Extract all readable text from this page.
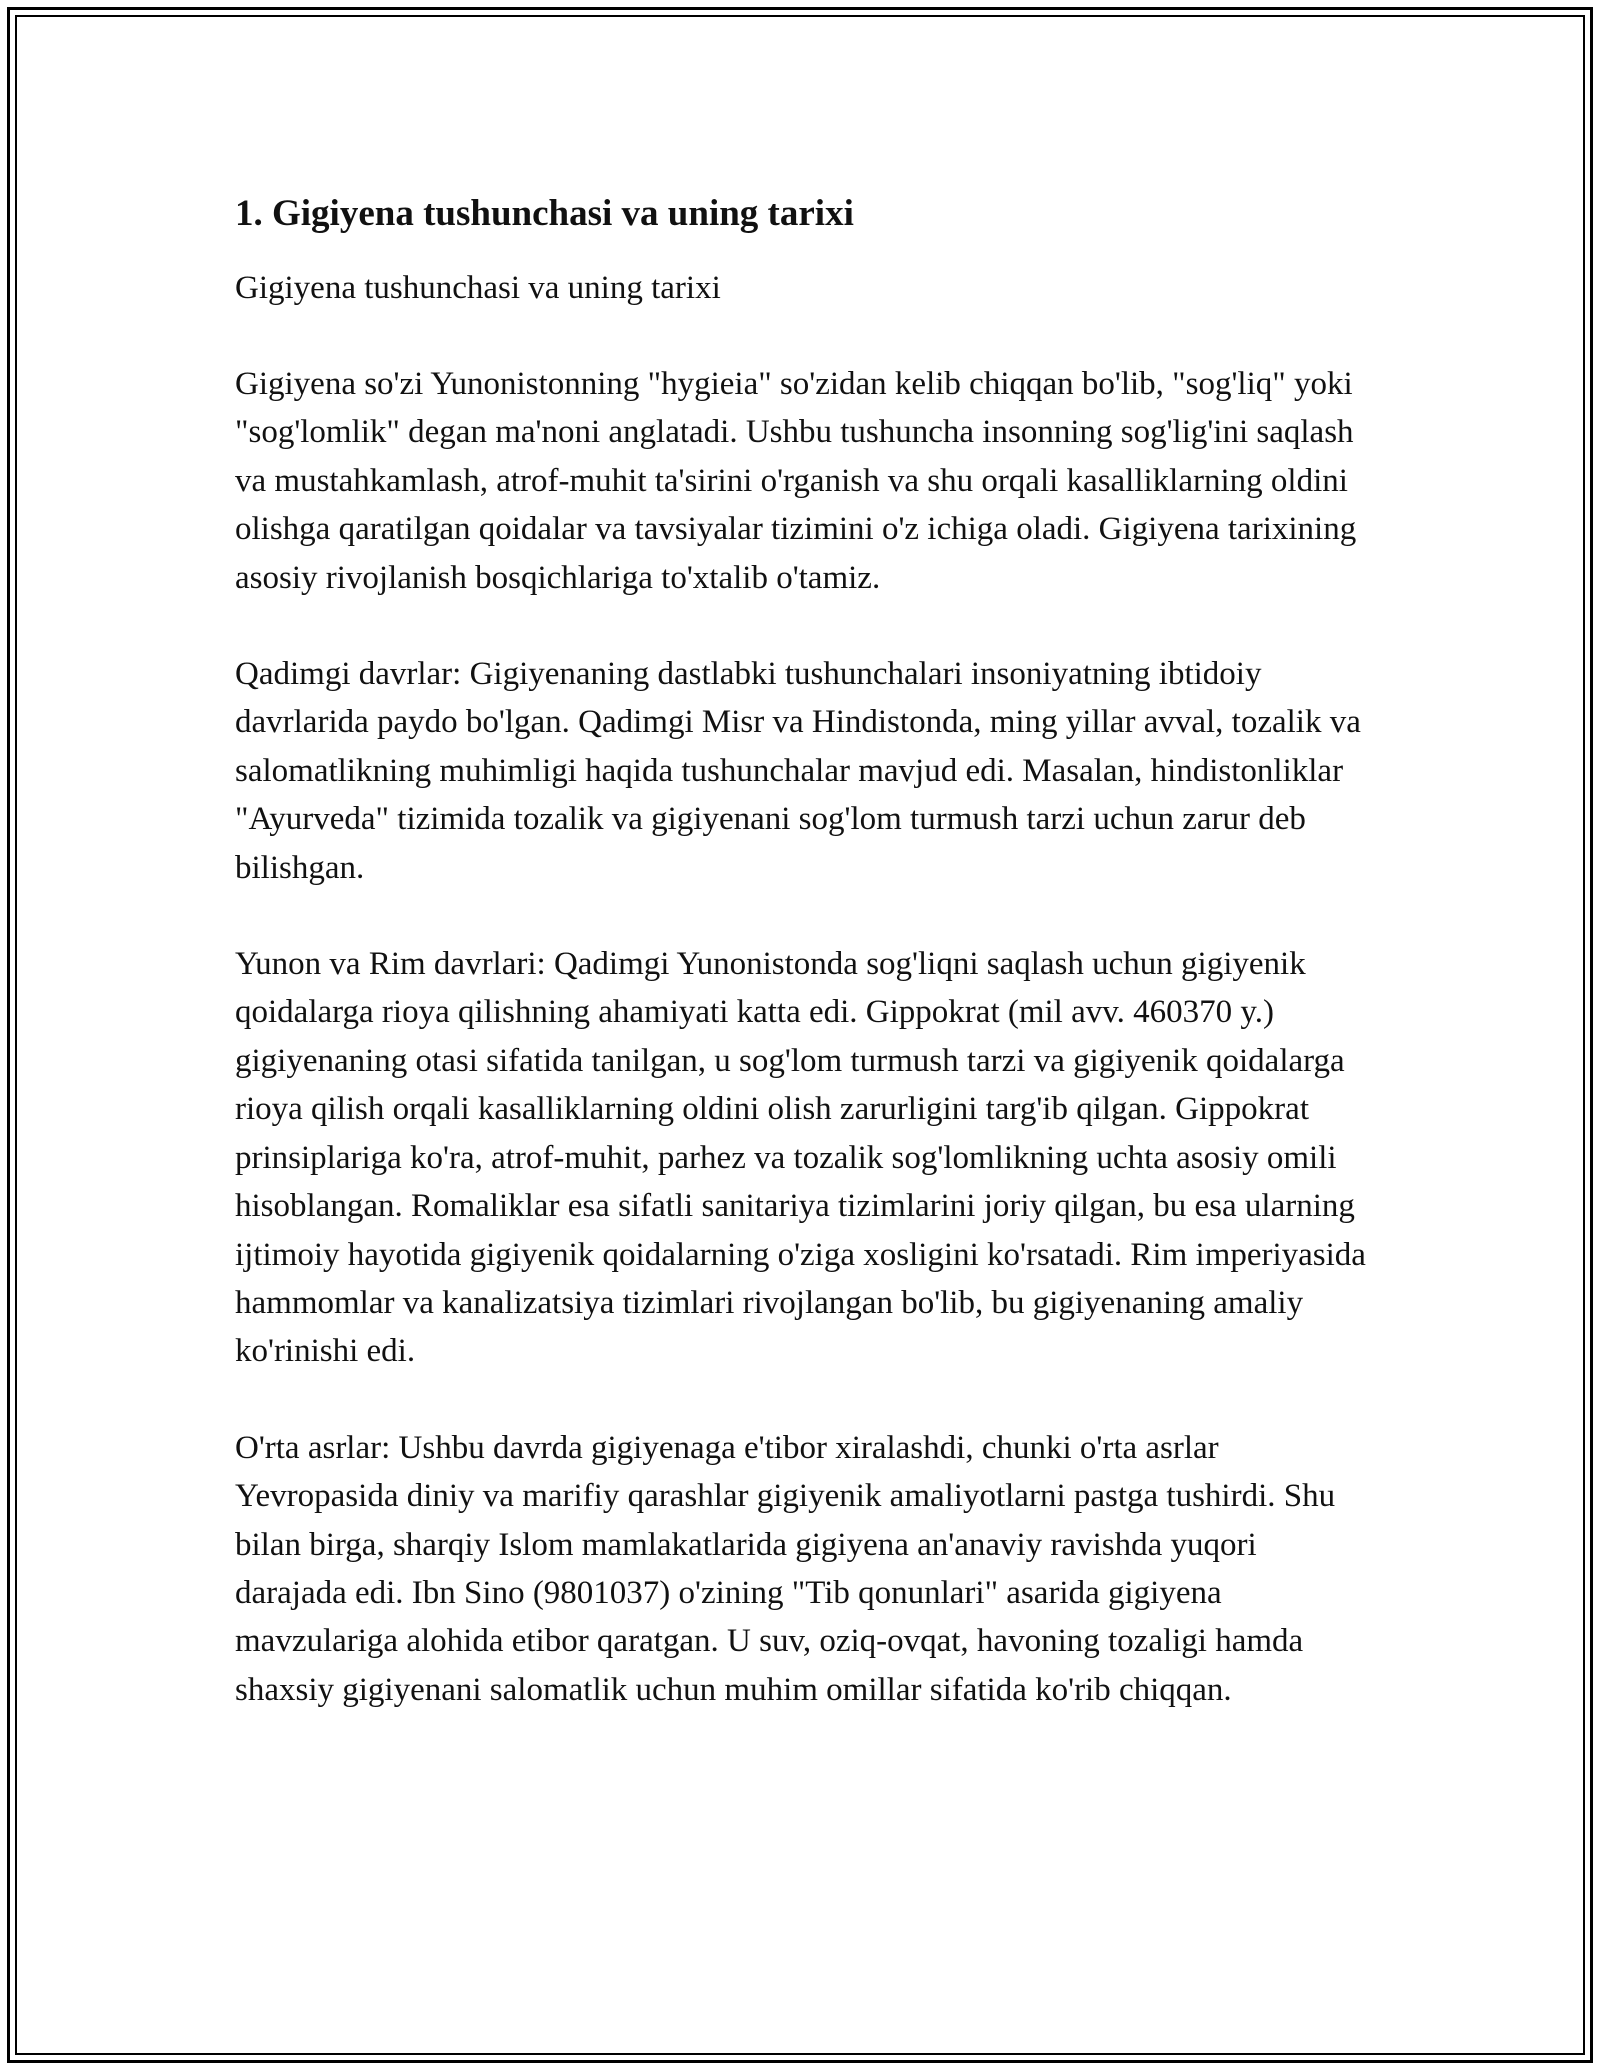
1. Gigiyena tushunchasi va uning tarixi

Gigiyena tushunchasi va uning tarixi

Gigiyena so'zi Yunonistonning "hygieia" so'zidan kelib chiqqan bo'lib, "sog'liq" yoki "sog'lomlik" degan ma'noni anglatadi. Ushbu tushuncha insonning sog'lig'ini saqlash va mustahkamlash, atrof-muhit ta'sirini o'rganish va shu orqali kasalliklarning oldini olishga qaratilgan qoidalar va tavsiyalar tizimini o'z ichiga oladi. Gigiyena tarixining asosiy rivojlanish bosqichlariga to'xtalib o'tamiz.

Qadimgi davrlar: Gigiyenaning dastlabki tushunchalari insoniyatning ibtidoiy davrlarida paydo bo'lgan. Qadimgi Misr va Hindistonda, ming yillar avval, tozalik va salomatlikning muhimligi haqida tushunchalar mavjud edi. Masalan, hindistonliklar "Ayurveda" tizimida tozalik va gigiyenani sog'lom turmush tarzi uchun zarur deb bilishgan.

Yunon va Rim davrlari: Qadimgi Yunonistonda sog'liqni saqlash uchun gigiyenik qoidalarga rioya qilishning ahamiyati katta edi. Gippokrat (mil avv. 460370 y.) gigiyenaning otasi sifatida tanilgan, u sog'lom turmush tarzi va gigiyenik qoidalarga rioya qilish orqali kasalliklarning oldini olish zarurligini targ'ib qilgan. Gippokrat prinsiplariga ko'ra, atrof-muhit, parhez va tozalik sog'lomlikning uchta asosiy omili hisoblangan. Romaliklar esa sifatli sanitariya tizimlarini joriy qilgan, bu esa ularning ijtimoiy hayotida gigiyenik qoidalarning o'ziga xosligini ko'rsatadi. Rim imperiyasida hammomlar va kanalizatsiya tizimlari rivojlangan bo'lib, bu gigiyenaning amaliy ko'rinishi edi.

O'rta asrlar: Ushbu davrda gigiyenaga e'tibor xiralashdi, chunki o'rta asrlar Yevropasida diniy va marifiy qarashlar gigiyenik amaliyotlarni pastga tushirdi. Shu bilan birga, sharqiy Islom mamlakatlarida gigiyena an'anaviy ravishda yuqori darajada edi. Ibn Sino (9801037) o'zining "Tib qonunlari" asarida gigiyena mavzulariga alohida etibor qaratgan. U suv, oziq-ovqat, havoning tozaligi hamda shaxsiy gigiyenani salomatlik uchun muhim omillar sifatida ko'rib chiqqan.
